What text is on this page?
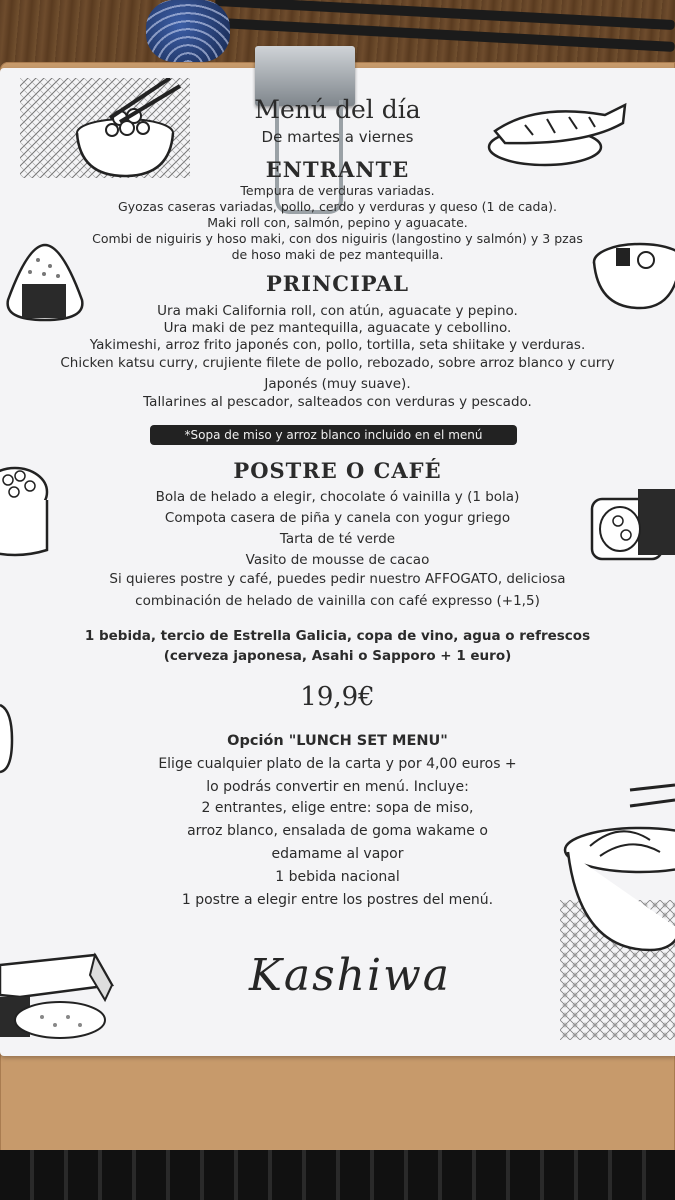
Menú del día
De martes a viernes
ENTRANTE
Tempura de verduras variadas.
Gyozas caseras variadas, pollo, cerdo y verduras y queso (1 de cada).
Maki roll con, salmón, pepino y aguacate.
Combi de niguiris y hoso maki, con dos niguiris (langostino y salmón) y 3 pzas
de hoso maki de pez mantequilla.
PRINCIPAL
Ura maki California roll, con atún, aguacate y pepino.
Ura maki de pez mantequilla, aguacate y cebollino.
Yakimeshi, arroz frito japonés con, pollo, tortilla, seta shiitake y verduras.
Chicken katsu curry, crujiente filete de pollo, rebozado, sobre arroz blanco y curry
Japonés (muy suave).
Tallarines al pescador, salteados con verduras y pescado.
*Sopa de miso y arroz blanco incluido en el menú
POSTRE O CAFÉ
Bola de helado a elegir, chocolate ó vainilla y (1 bola)
Compota casera de piña y canela con yogur griego
Tarta de té verde
Vasito de mousse de cacao
Si quieres postre y café, puedes pedir nuestro AFFOGATO, deliciosa
combinación de helado de vainilla con café expresso (+1,5)
1 bebida, tercio de Estrella Galicia, copa de vino, agua o refrescos
(cerveza japonesa, Asahi o Sapporo + 1 euro)
19,9€
Opción "LUNCH SET MENU"
Elige cualquier plato de la carta y por 4,00 euros +
lo podrás convertir en menú. Incluye:
2 entrantes, elige entre: sopa de miso,
arroz blanco, ensalada de goma wakame o
edamame al vapor
1 bebida nacional
1 postre a elegir entre los postres del menú.
Kashiwa
